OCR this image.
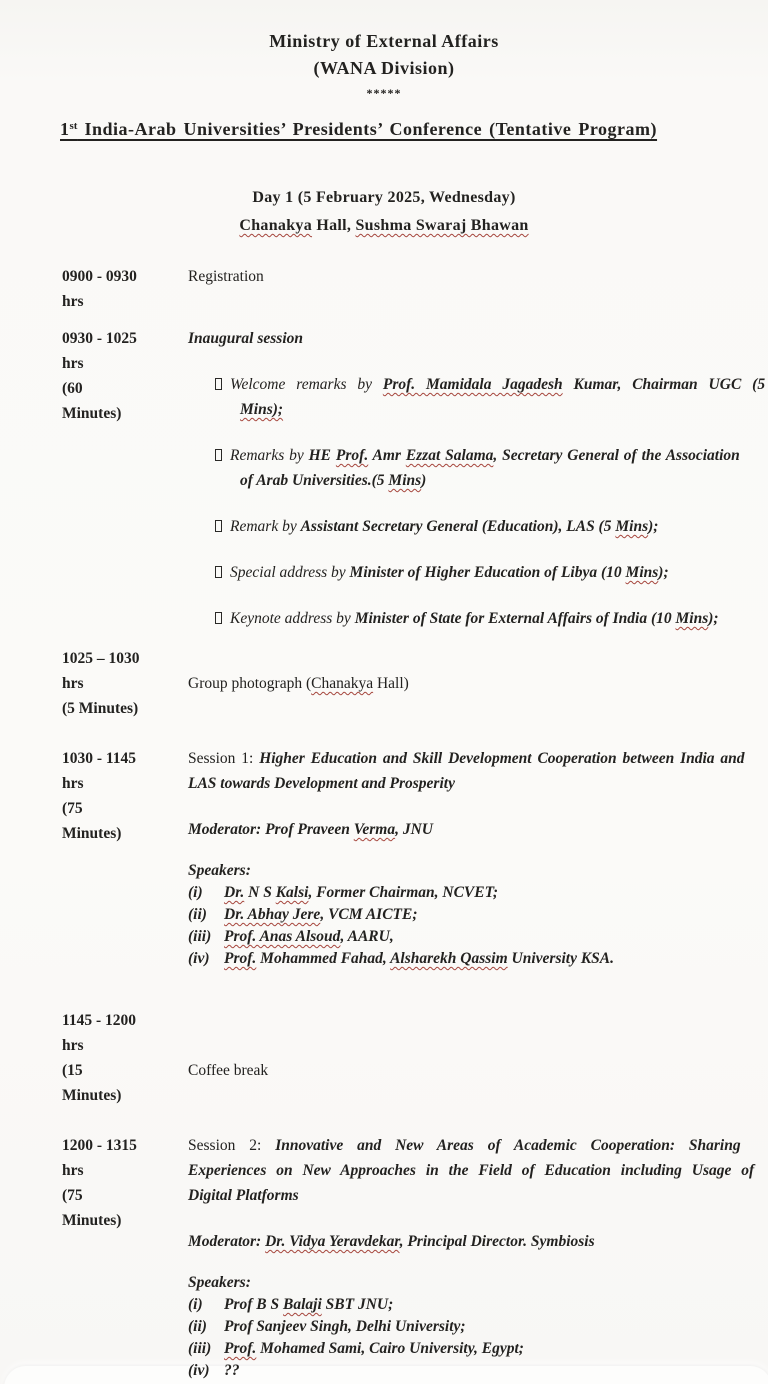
Ministry of External Affairs
(WANA Division)
*****
1st India-Arab Universities’ Presidents’ Conference (Tentative Program)
Day 1 (5 February 2025, Wednesday)
Chanakya Hall, Sushma Swaraj Bhawan
0900 - 0930
hrs
Registration
0930 - 1025
hrs
(60
Minutes)
Inaugural session
Welcome remarks by Prof. Mamidala Jagadesh Kumar, Chairman UGC (5
Mins);
Remarks by HE Prof. Amr Ezzat Salama, Secretary General of the Association
of Arab Universities.(5 Mins)
Remark by Assistant Secretary General (Education), LAS (5 Mins);
Special address by Minister of Higher Education of Libya (10 Mins);
Keynote address by Minister of State for External Affairs of India (10 Mins);
1025 – 1030
hrs
(5 Minutes)
Group photograph (Chanakya Hall)
1030 - 1145
hrs
(75
Minutes)
Session 1: Higher Education and Skill Development Cooperation between India and
LAS towards Development and Prosperity
Moderator: Prof Praveen Verma, JNU
Speakers:
(i) Dr. N S Kalsi, Former Chairman, NCVET;
(ii) Dr. Abhay Jere, VCM AICTE;
(iii) Prof. Anas Alsoud, AARU,
(iv) Prof. Mohammed Fahad, Alsharekh Qassim University KSA.
1145 - 1200
hrs
(15
Minutes)
Coffee break
1200 - 1315
hrs
(75
Minutes)
Session 2: Innovative and New Areas of Academic Cooperation: Sharing
Experiences on New Approaches in the Field of Education including Usage of
Digital Platforms
Moderator: Dr. Vidya Yeravdekar, Principal Director. Symbiosis
Speakers:
(i) Prof B S Balaji SBT JNU;
(ii) Prof Sanjeev Singh, Delhi University;
(iii) Prof. Mohamed Sami, Cairo University, Egypt;
(iv) ??
